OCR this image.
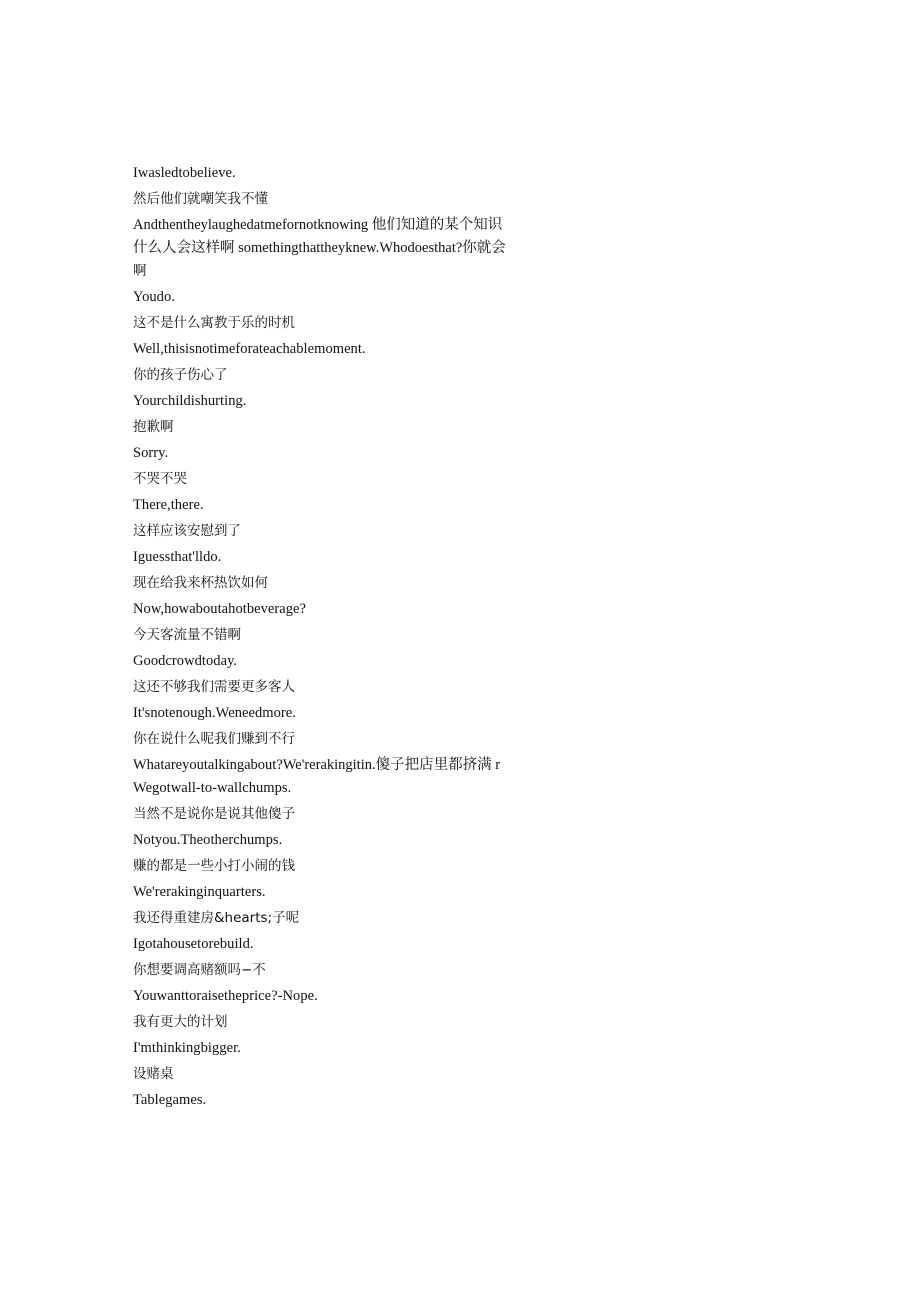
Iwasledtobelieve.

然后他们就嘲笑我不懂

Andthentheylaughedatmefornotknowing 他们知道的某个知识

什么人会这样啊 somethingthattheyknew.Whodoesthat?你就会

啊

Youdo.

这不是什么寓教于乐的时机

Well,thisisnotimeforateachablemoment.

你的孩子伤心了

Yourchildishurting.

抱歉啊

Sorry.

不哭不哭

There,there.

这样应该安慰到了

Iguessthat'lldo.

现在给我来杯热饮如何

Now,howaboutahotbeverage?

今天客流量不错啊

Goodcrowdtoday.

这还不够我们需要更多客人

It'snotenough.Weneedmore.

你在说什么呢我们赚到不行

Whatareyoutalkingabout?We'rerakingitin.傻子把店里都挤满 r

Wegotwall-to-wallchumps.

当然不是说你是说其他傻子

Notyou.Theotherchumps.

赚的都是一些小打小闹的钱

We'rerakinginquarters.

我还得重建房&hearts;子呢

Igotahousetorebuild.

你想要调高赌额吗−不

Youwanttoraisetheprice?-Nope.

我有更大的计划

I'mthinkingbigger.

设赌桌

Tablegames.
